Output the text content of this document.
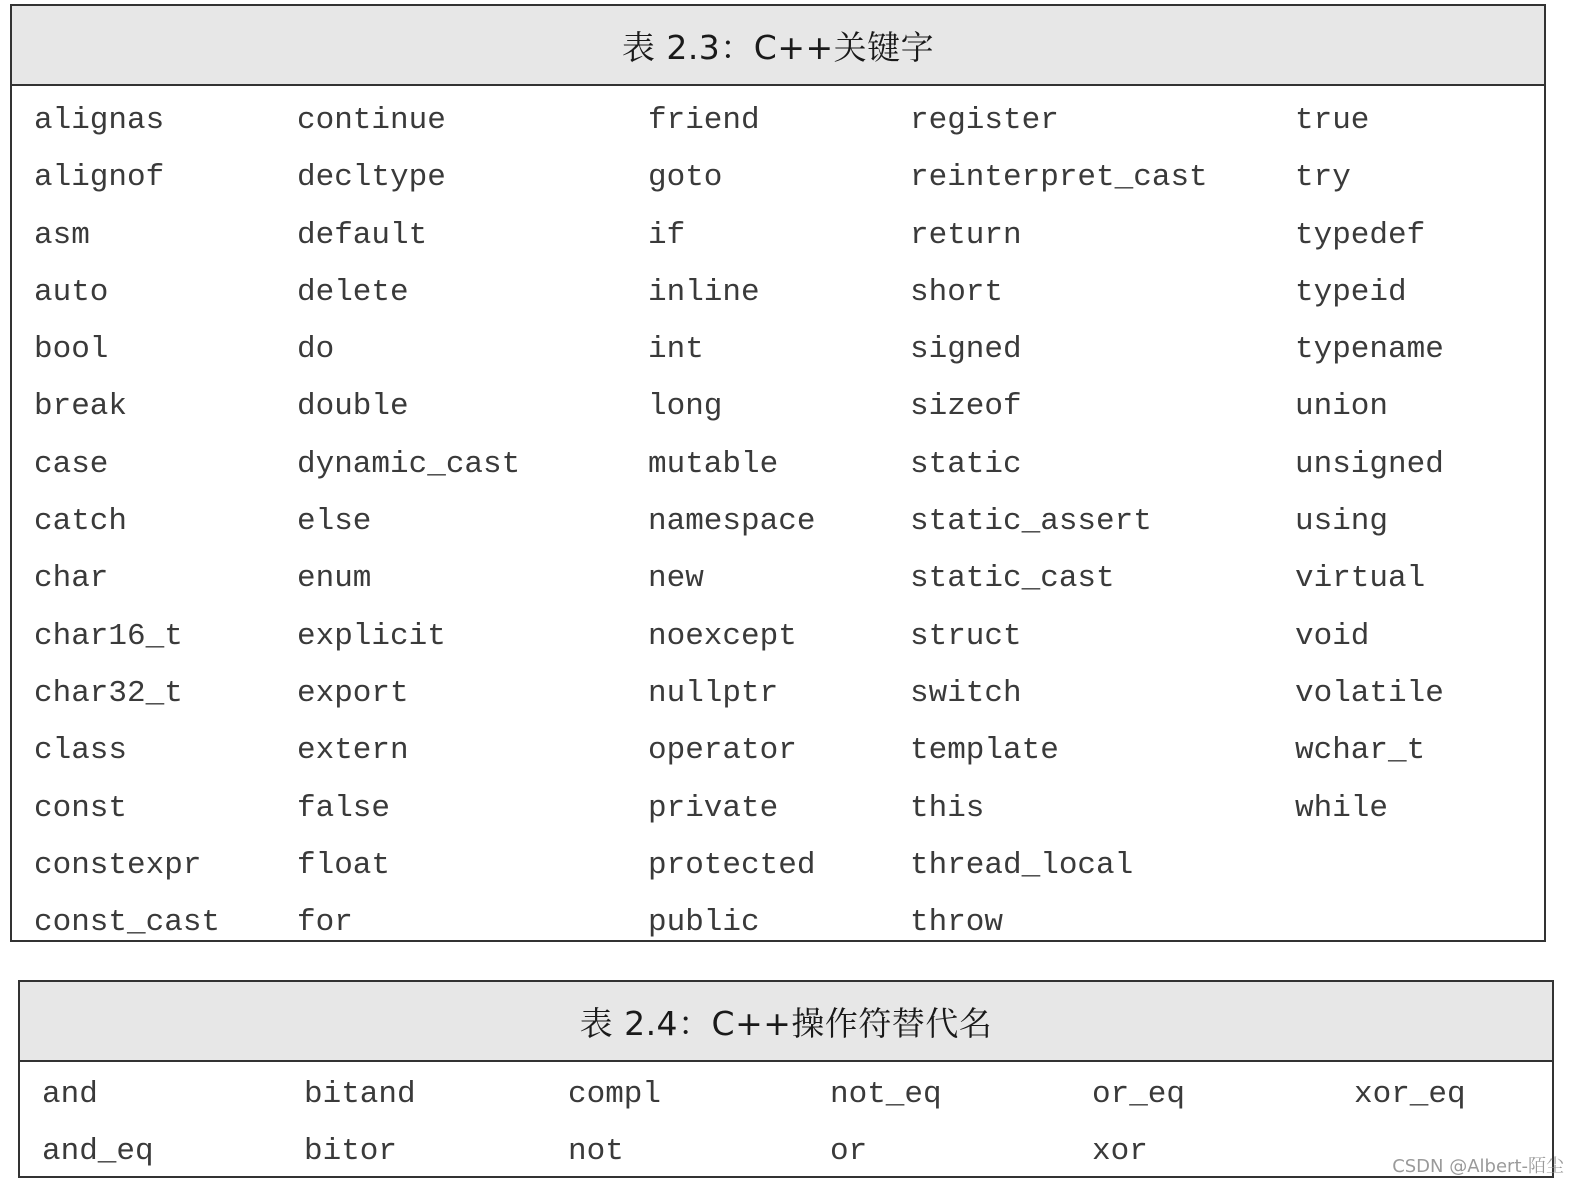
表 2.3：C++关键字
alignas
alignof
asm
auto
bool
break
case
catch
char
char16_t
char32_t
class
const
constexpr
const_cast
continue
decltype
default
delete
do
double
dynamic_cast
else
enum
explicit
export
extern
false
float
for
friend
goto
if
inline
int
long
mutable
namespace
new
noexcept
nullptr
operator
private
protected
public
register
reinterpret_cast
return
short
signed
sizeof
static
static_assert
static_cast
struct
switch
template
this
thread_local
throw
true
try
typedef
typeid
typename
union
unsigned
using
virtual
void
volatile
wchar_t
while
表 2.4：C++操作符替代名
and
and_eq
bitand
bitor
compl
not
not_eq
or
or_eq
xor
xor_eq
CSDN @Albert-陌尘
